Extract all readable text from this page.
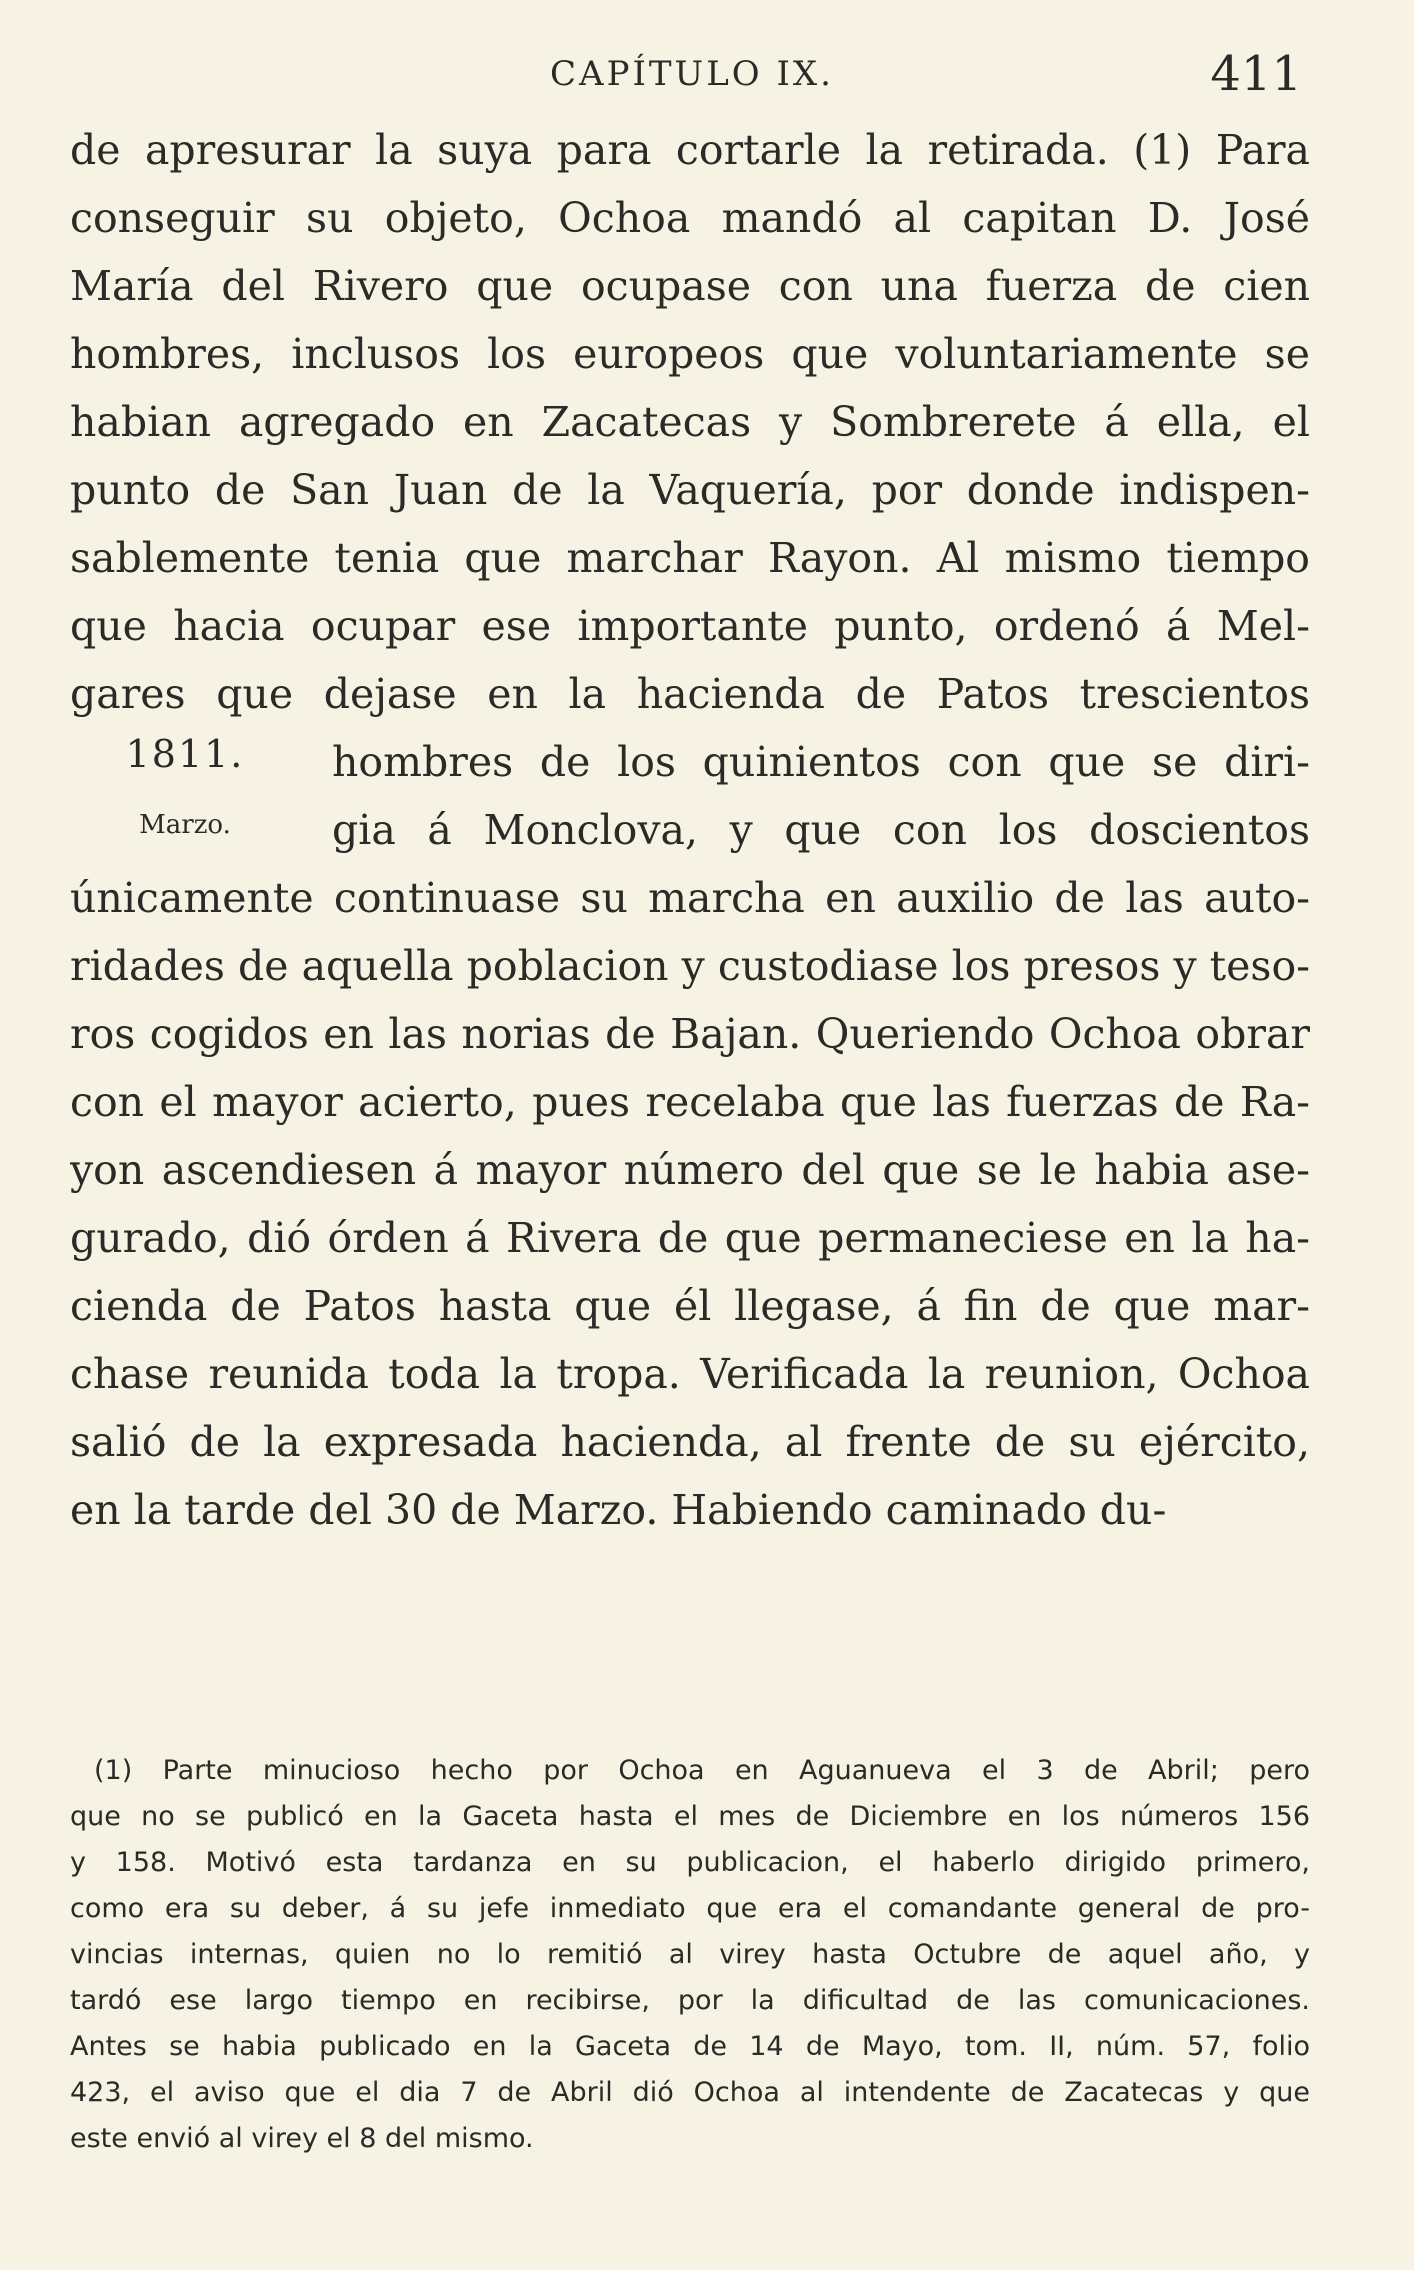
CAPÍTULO IX.	411
1811.
Marzo.
de apresurar la suya para cortarle la retirada. (1) Para
conseguir su objeto, Ochoa mandó al capitan D. José
María del Rivero que ocupase con una fuerza de cien
hombres, inclusos los europeos que voluntariamente se
habian agregado en Zacatecas y Sombrerete á ella, el
punto de San Juan de la Vaquería, por donde indispen-
sablemente tenia que marchar Rayon. Al mismo tiempo
que hacia ocupar ese importante punto, ordenó á Mel-
gares que dejase en la hacienda de Patos trescientos
hombres de los quinientos con que se diri-
gia á Monclova, y que con los doscientos
únicamente continuase su marcha en auxilio de las auto-
ridades de aquella poblacion y custodiase los presos y teso-
ros cogidos en las norias de Bajan. Queriendo Ochoa obrar
con el mayor acierto, pues recelaba que las fuerzas de Ra-
yon ascendiesen á mayor número del que se le habia ase-
gurado, dió órden á Rivera de que permaneciese en la ha-
cienda de Patos hasta que él llegase, á fin de que mar-
chase reunida toda la tropa. Verificada la reunion, Ochoa
salió de la expresada hacienda, al frente de su ejército,
en la tarde del 30 de Marzo. Habiendo caminado du-
(1) Parte minucioso hecho por Ochoa en Aguanueva el 3 de Abril; pero
que no se publicó en la Gaceta hasta el mes de Diciembre en los números 156
y 158. Motivó esta tardanza en su publicacion, el haberlo dirigido primero,
como era su deber, á su jefe inmediato que era el comandante general de pro-
vincias internas, quien no lo remitió al virey hasta Octubre de aquel año, y
tardó ese largo tiempo en recibirse, por la dificultad de las comunicaciones.
Antes se habia publicado en la Gaceta de 14 de Mayo, tom. II, núm. 57, folio
423, el aviso que el dia 7 de Abril dió Ochoa al intendente de Zacatecas y que
este envió al virey el 8 del mismo.
